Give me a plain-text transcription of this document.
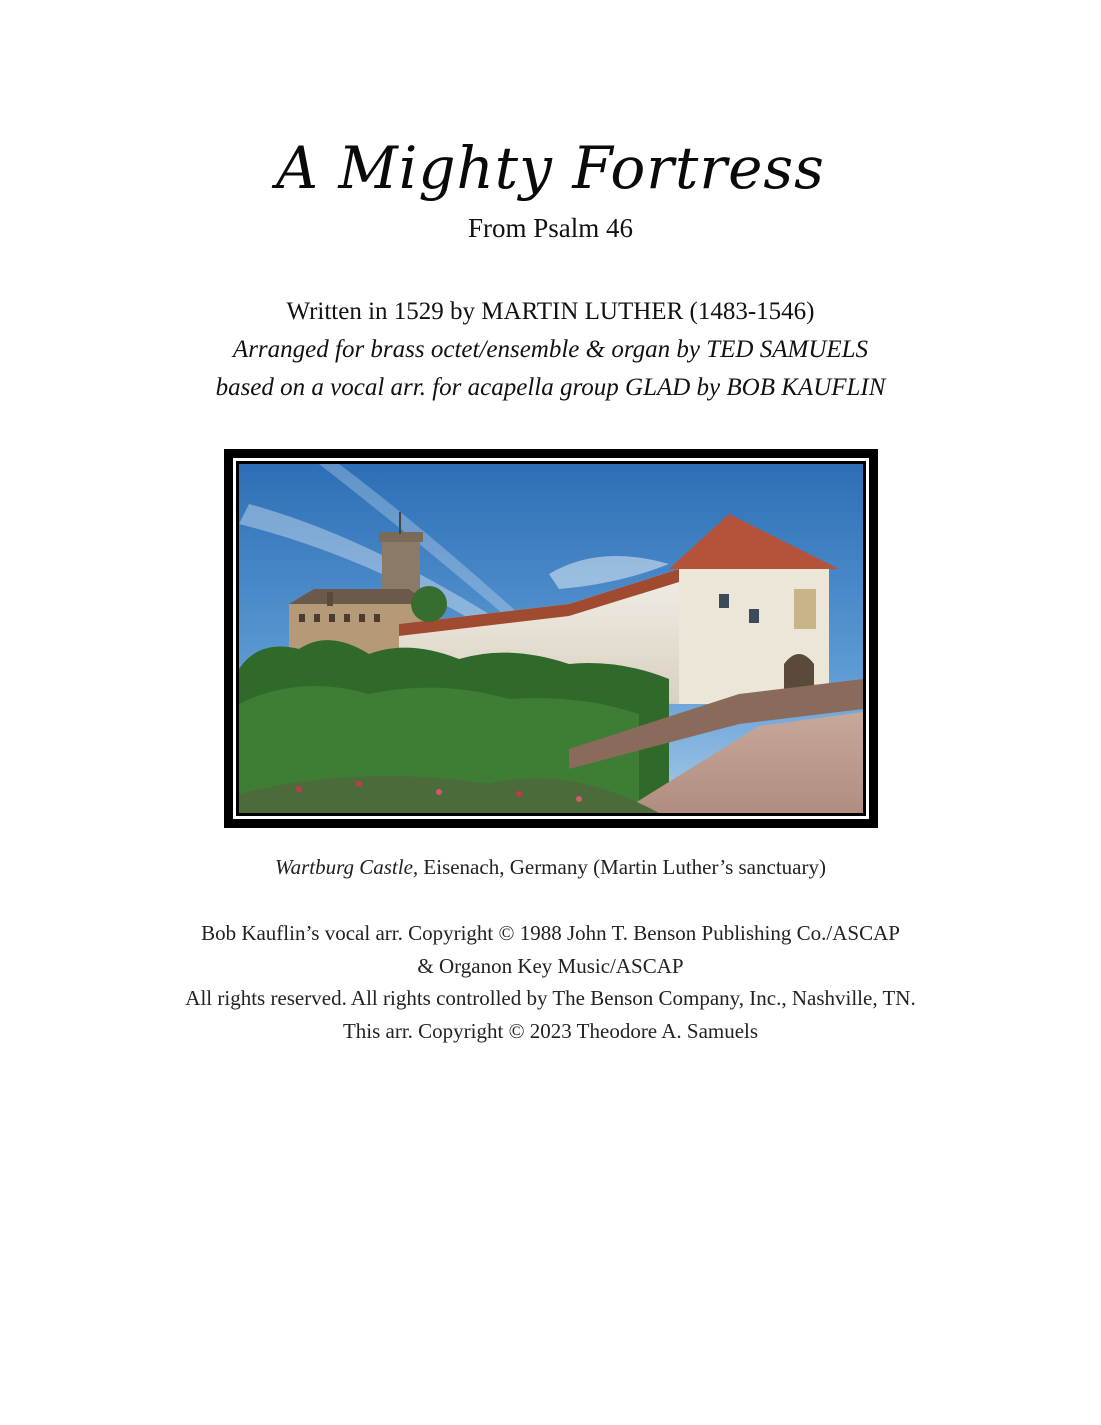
A Mighty Fortress
From Psalm 46
Written in 1529 by MARTIN LUTHER (1483-1546)
Arranged for brass octet/ensemble & organ by TED SAMUELS
based on a vocal arr. for acapella group GLAD by BOB KAUFLIN
Wartburg Castle, Eisenach, Germany (Martin Luther’s sanctuary)
Bob Kauflin’s vocal arr. Copyright © 1988 John T. Benson Publishing Co./ASCAP
& Organon Key Music/ASCAP
All rights reserved. All rights controlled by The Benson Company, Inc., Nashville, TN.
This arr. Copyright © 2023 Theodore A. Samuels
